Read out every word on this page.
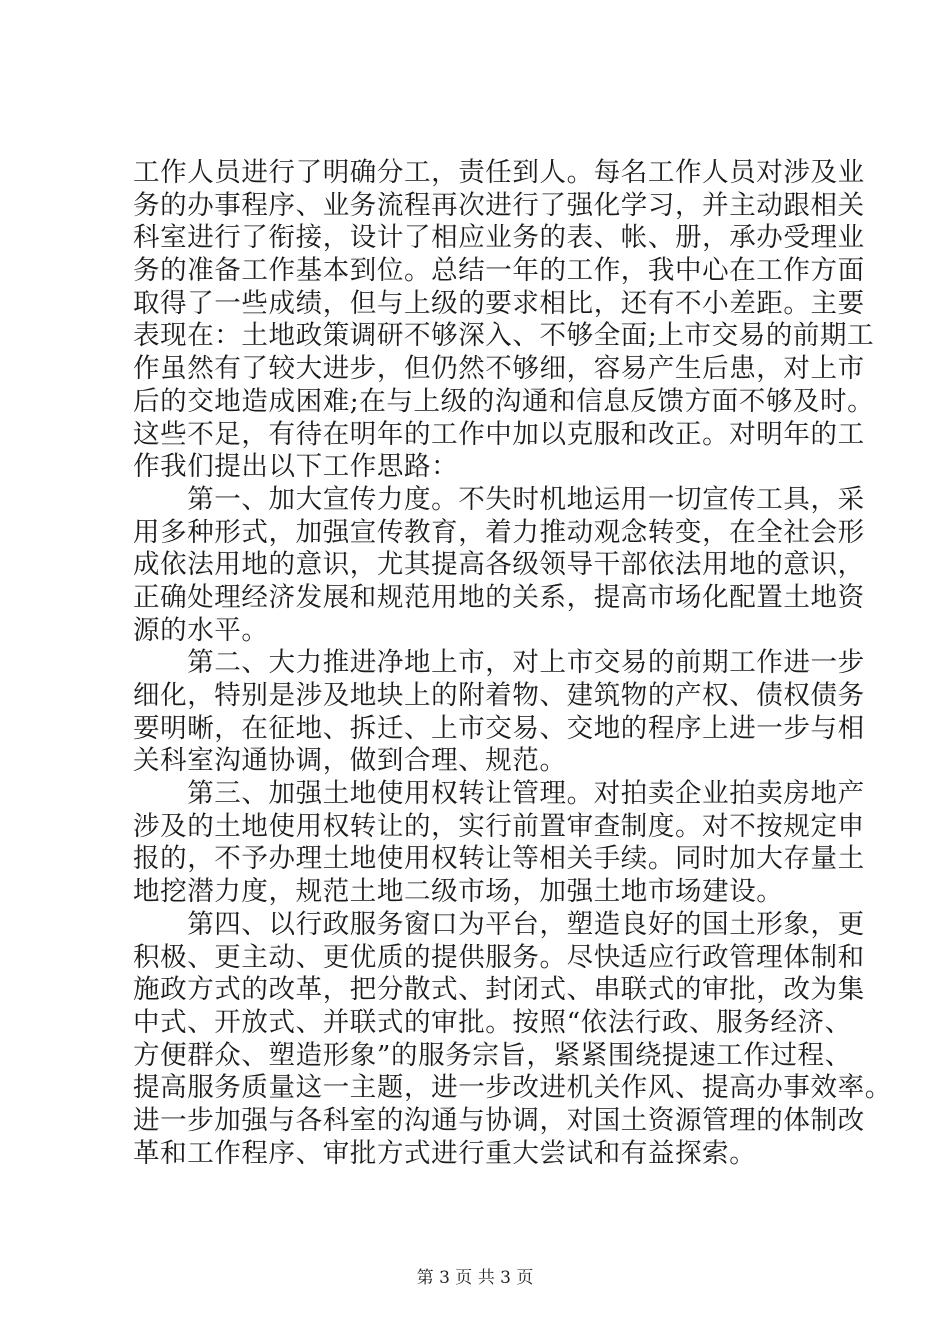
工作人员进行了明确分工，责任到人。每名工作人员对涉及业
务的办事程序、业务流程再次进行了强化学习，并主动跟相关
科室进行了衔接，设计了相应业务的表、帐、册，承办受理业
务的准备工作基本到位。总结一年的工作，我中心在工作方面
取得了一些成绩，但与上级的要求相比，还有不小差距。主要
表现在：土地政策调研不够深入、不够全面;上市交易的前期工
作虽然有了较大进步，但仍然不够细，容易产生后患，对上市
后的交地造成困难;在与上级的沟通和信息反馈方面不够及时。
这些不足，有待在明年的工作中加以克服和改正。对明年的工
作我们提出以下工作思路：
　　第一、加大宣传力度。不失时机地运用一切宣传工具，采
用多种形式，加强宣传教育，着力推动观念转变，在全社会形
成依法用地的意识，尤其提高各级领导干部依法用地的意识，
正确处理经济发展和规范用地的关系，提高市场化配置土地资
源的水平。
　　第二、大力推进净地上市，对上市交易的前期工作进一步
细化，特别是涉及地块上的附着物、建筑物的产权、债权债务
要明晰，在征地、拆迁、上市交易、交地的程序上进一步与相
关科室沟通协调，做到合理、规范。
　　第三、加强土地使用权转让管理。对拍卖企业拍卖房地产
涉及的土地使用权转让的，实行前置审查制度。对不按规定申
报的，不予办理土地使用权转让等相关手续。同时加大存量土
地挖潜力度，规范土地二级市场，加强土地市场建设。
　　第四、以行政服务窗口为平台，塑造良好的国土形象，更
积极、更主动、更优质的提供服务。尽快适应行政管理体制和
施政方式的改革，把分散式、封闭式、串联式的审批，改为集
中式、开放式、并联式的审批。按照“依法行政、服务经济、
方便群众、塑造形象”的服务宗旨，紧紧围绕提速工作过程、
提高服务质量这一主题，进一步改进机关作风、提高办事效率。
进一步加强与各科室的沟通与协调，对国土资源管理的体制改
革和工作程序、审批方式进行重大尝试和有益探索。
第 3 页 共 3 页
